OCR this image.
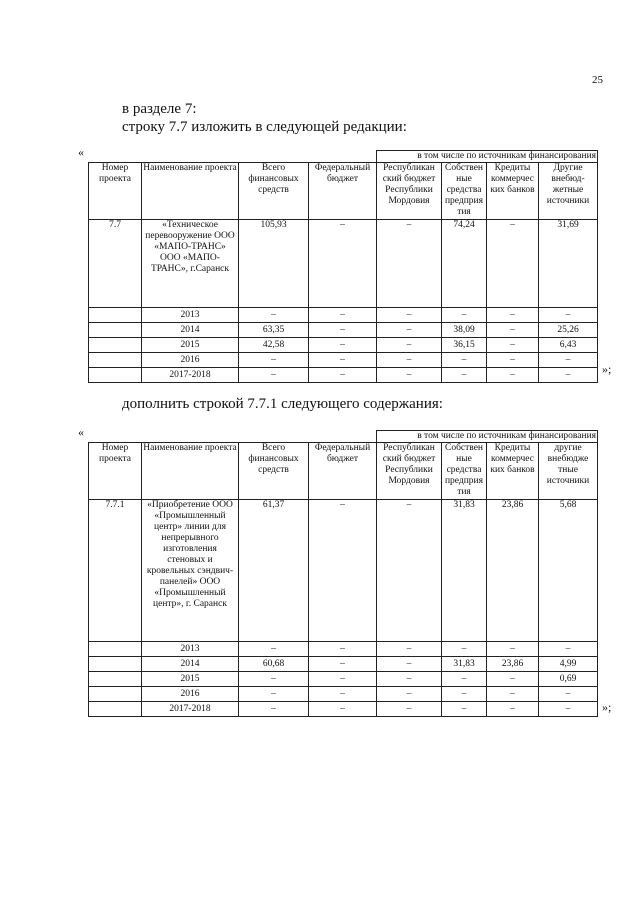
25
в разделе 7:
строку 7.7 изложить в следующей редакции:
«
				в том числе по источникам финансирования			
Номер проекта	Наименование проекта	Всего финансовых средств	Федеральный бюджет	Республикан ский бюджет Республики Мордовия	Собствен ные средства предприя тия	Кредиты коммерчес ких банков	Другие внебюд- жетные источники
7.7	«Техническое перевооружение ООО «МАПО-ТРАНС» ООО «МАПО-ТРАНС», г.Саранск	105,93	–	–	74,24	–	31,69
	2013	–	–	–	–	–	–
	2014	63,35	–	–	38,09	–	25,26
	2015	42,58	–	–	36,15	–	6,43
	2016	–	–	–	–	–	–
	2017-2018	–	–	–	–	–	–	»;
дополнить строкой 7.7.1 следующего содержания:
«
				в том числе по источникам финансирования			
Номер проекта	Наименование проекта	Всего финансовых средств	Федеральный бюджет	Республикан ский бюджет Республики Мордовия	Собствен ные средства предприя тия	Кредиты коммерчес ких банков	другие внебюдже тные источники
7.7.1	«Приобретение ООО «Промышленный центр» линии для непрерывного изготовления стеновых и кровельных сэндвич-панелей» ООО «Промышленный центр», г. Саранск	61,37	–	–	31,83	23,86	5,68
	2013	–	–	–	–	–	–
	2014	60,68	–	–	31,83	23,86	4,99
	2015	–	–	–	–	–	0,69
	2016	–	–	–	–	–	–
	2017-2018	–	–	–	–	–	–	»;
